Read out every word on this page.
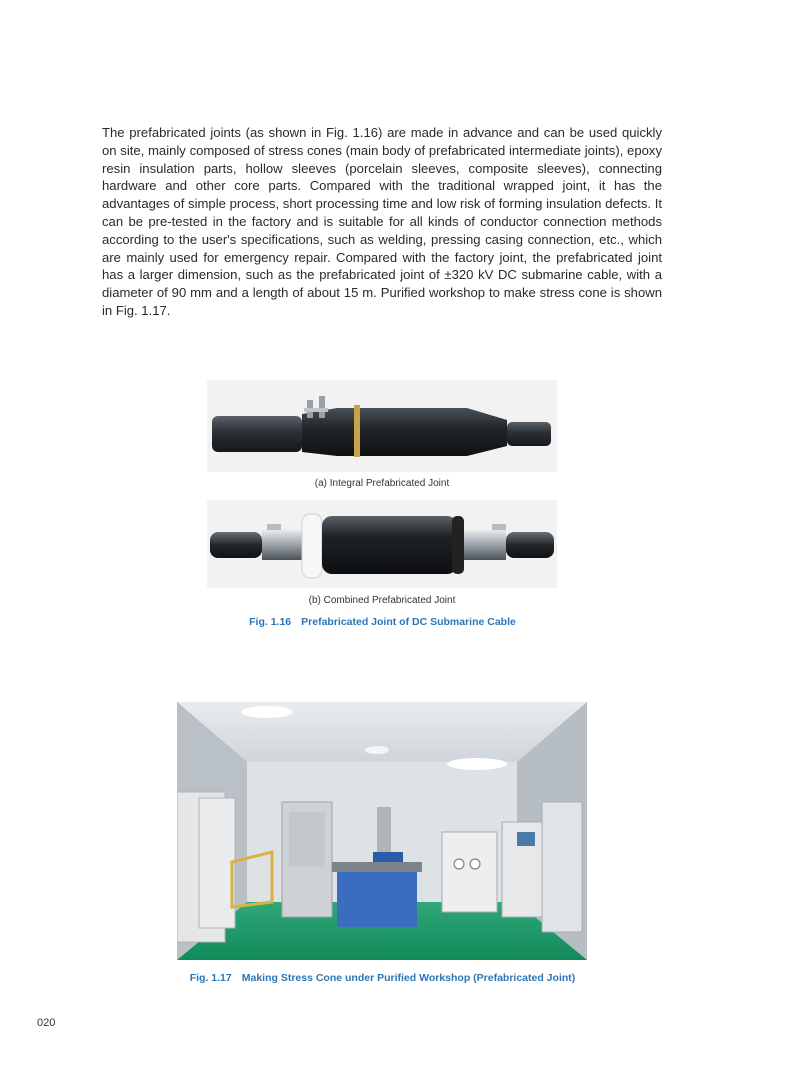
The prefabricated joints (as shown in Fig. 1.16) are made in advance and can be used quickly on site, mainly composed of stress cones (main body of prefabricated intermediate joints), epoxy resin insulation parts, hollow sleeves (porcelain sleeves, composite sleeves), connecting hardware and other core parts. Compared with the traditional wrapped joint, it has the advantages of simple process, short processing time and low risk of forming insulation defects. It can be pre-tested in the factory and is suitable for all kinds of conductor connection methods according to the user's specifications, such as welding, pressing casing connection, etc., which are mainly used for emergency repair. Compared with the factory joint, the prefabricated joint has a larger dimension, such as the prefabricated joint of ±320 kV DC submarine cable, with a diameter of 90 mm and a length of about 15 m. Purified workshop to make stress cone is shown in Fig. 1.17.

(a) Integral Prefabricated Joint
(b) Combined Prefabricated Joint
Fig. 1.16 Prefabricated Joint of DC Submarine Cable
Fig. 1.17 Making Stress Cone under Purified Workshop (Prefabricated Joint)
020
